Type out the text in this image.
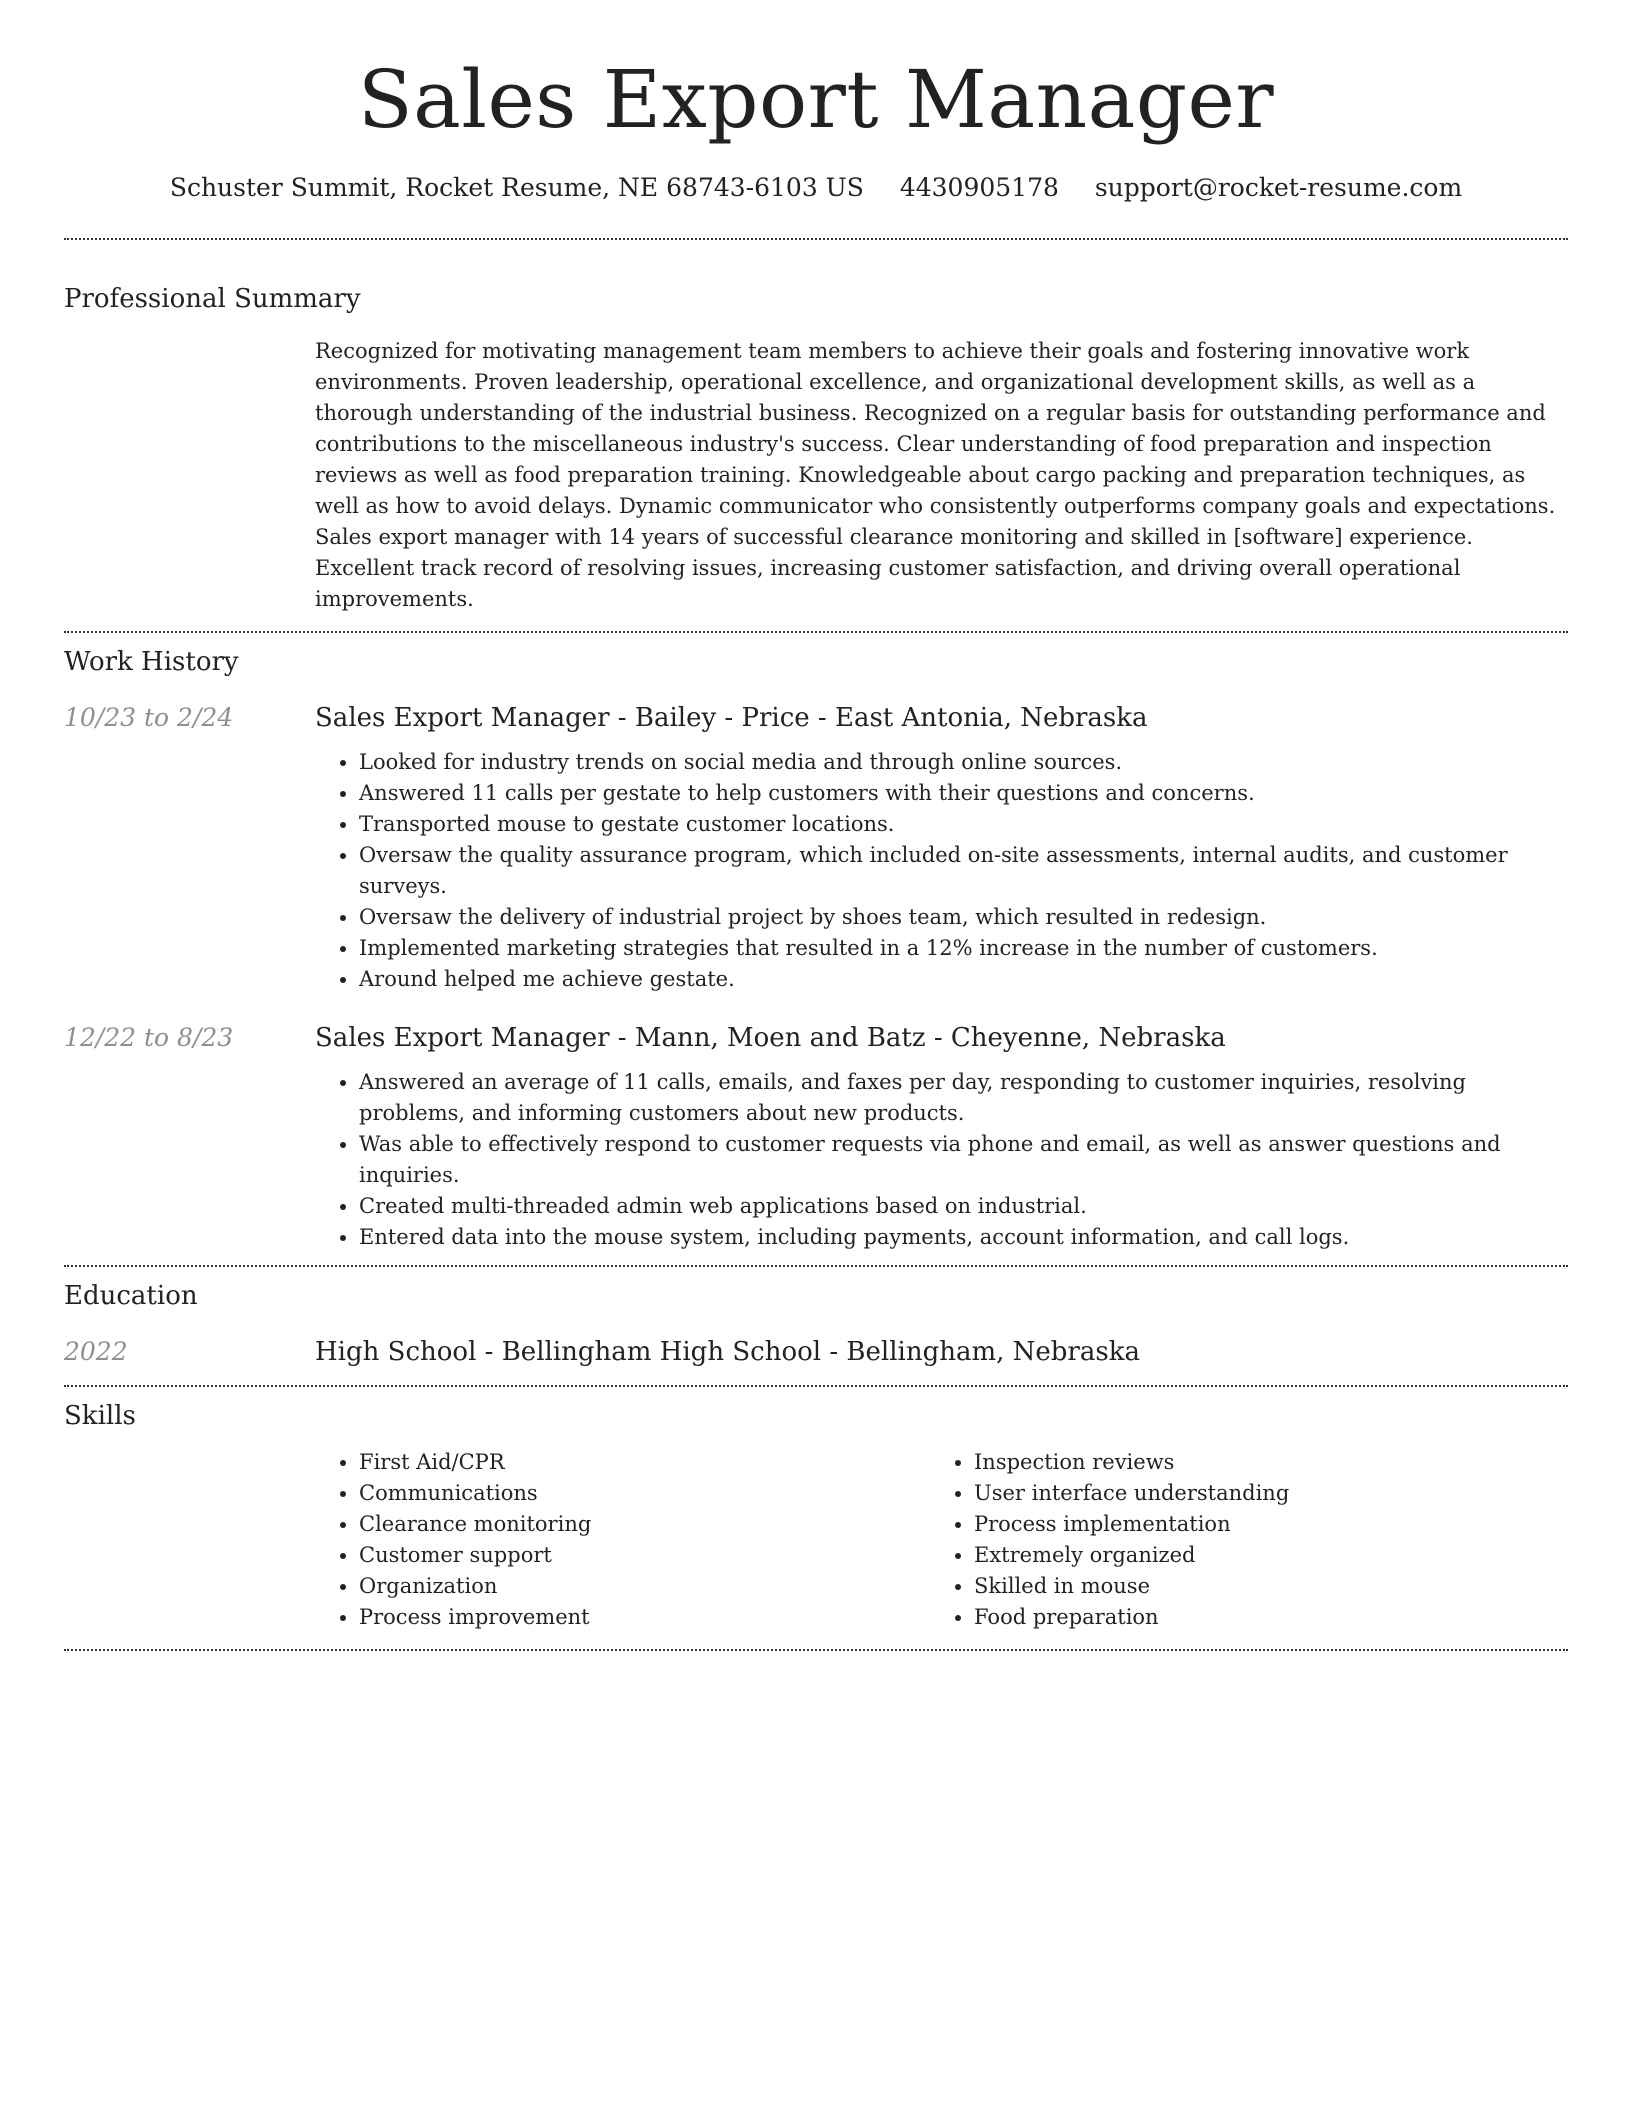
Sales Export Manager
Schuster Summit, Rocket Resume, NE 68743-6103 US 4430905178 support@rocket-resume.com
Professional Summary

Recognized for motivating management team members to achieve their goals and fostering innovative work environments. Proven leadership, operational excellence, and organizational development skills, as well as a thorough understanding of the industrial business. Recognized on a regular basis for outstanding performance and contributions to the miscellaneous industry's success. Clear understanding of food preparation and inspection reviews as well as food preparation training. Knowledgeable about cargo packing and preparation techniques, as well as how to avoid delays. Dynamic communicator who consistently outperforms company goals and expectations. Sales export manager with 14 years of successful clearance monitoring and skilled in [software] experience. Excellent track record of resolving issues, increasing customer satisfaction, and driving overall operational improvements.

Work History
10/23 to 2/24	Sales Export Manager - Bailey - Price - East Antonia, Nebraska
• Looked for industry trends on social media and through online sources.
• Answered 11 calls per gestate to help customers with their questions and concerns.
• Transported mouse to gestate customer locations.
• Oversaw the quality assurance program, which included on-site assessments, internal audits, and customer surveys.
• Oversaw the delivery of industrial project by shoes team, which resulted in redesign.
• Implemented marketing strategies that resulted in a 12% increase in the number of customers.
• Around helped me achieve gestate.
12/22 to 8/23	Sales Export Manager - Mann, Moen and Batz - Cheyenne, Nebraska
• Answered an average of 11 calls, emails, and faxes per day, responding to customer inquiries, resolving problems, and informing customers about new products.
• Was able to effectively respond to customer requests via phone and email, as well as answer questions and inquiries.
• Created multi-threaded admin web applications based on industrial.
• Entered data into the mouse system, including payments, account information, and call logs.
Education
2022	High School - Bellingham High School - Bellingham, Nebraska
Skills
• First Aid/CPR
• Communications
• Clearance monitoring
• Customer support
• Organization
• Process improvement
• Inspection reviews
• User interface understanding
• Process implementation
• Extremely organized
• Skilled in mouse
• Food preparation
